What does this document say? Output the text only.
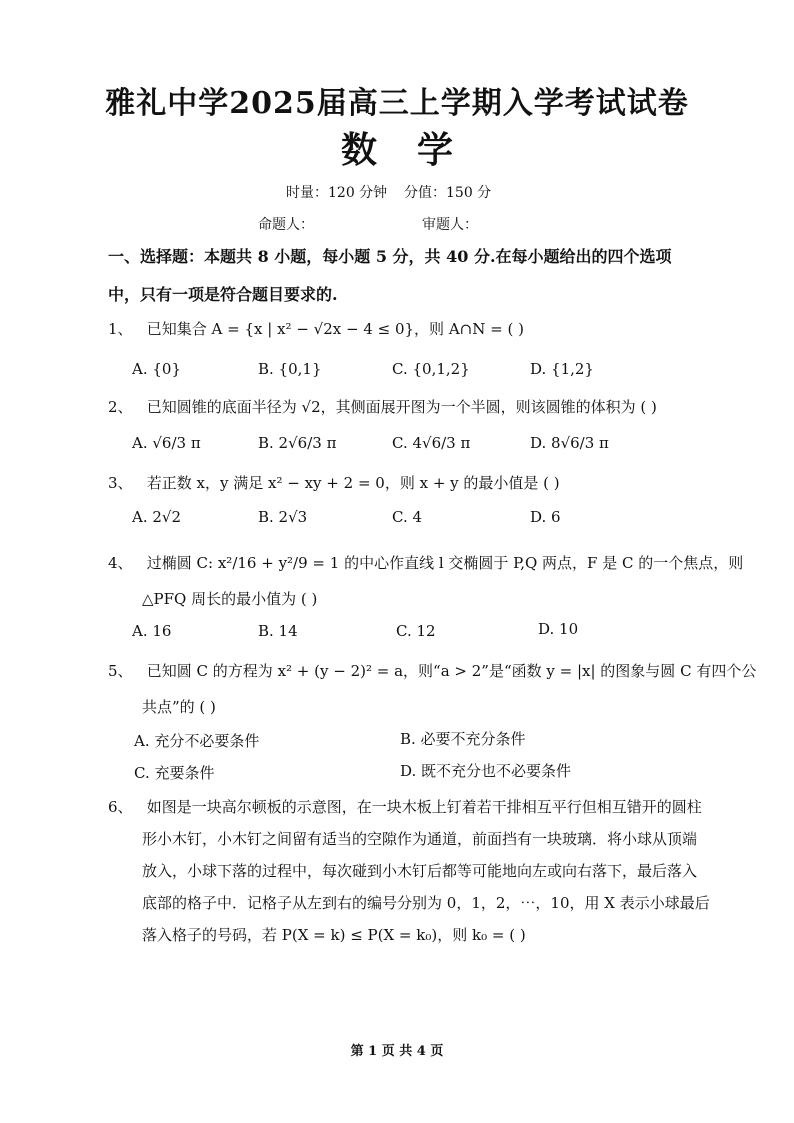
雅礼中学2025届高三上学期入学考试试卷
数学
时量：120 分钟 分值：150 分
命题人：	审题人：
一、选择题：本题共 8 小题，每小题 5 分，共 40 分.在每小题给出的四个选项中，只有一项是符合题目要求的.
1、 已知集合 A = {x | x² − √2x − 4 ≤ 0}，则 A∩N = ( )
A. {0}	B. {0,1}	C. {0,1,2}	D. {1,2}
2、 已知圆锥的底面半径为 √2，其侧面展开图为一个半圆，则该圆锥的体积为 ( )
A. √6/3 π	B. 2√6/3 π	C. 4√6/3 π	D. 8√6/3 π
3、 若正数 x，y 满足 x² − xy + 2 = 0，则 x + y 的最小值是 ( )
A. 2√2	B. 2√3	C. 4	D. 6
4、 过椭圆 C: x²/16 + y²/9 = 1 的中心作直线 l 交椭圆于 P,Q 两点，F 是 C 的一个焦点，则
△PFQ 周长的最小值为 ( )
A. 16	B. 14	C. 12	D. 10
5、 已知圆 C 的方程为 x² + (y − 2)² = a，则“a > 2”是“函数 y = |x| 的图象与圆 C 有四个公
共点”的 ( )
A. 充分不必要条件	B. 必要不充分条件
C. 充要条件	D. 既不充分也不必要条件
6、 如图是一块高尔顿板的示意图，在一块木板上钉着若干排相互平行但相互错开的圆柱
形小木钉，小木钉之间留有适当的空隙作为通道，前面挡有一块玻璃．将小球从顶端
放入，小球下落的过程中，每次碰到小木钉后都等可能地向左或向右落下，最后落入
底部的格子中．记格子从左到右的编号分别为 0，1，2，⋯，10，用 X 表示小球最后
落入格子的号码，若 P(X = k) ≤ P(X = k₀)，则 k₀ = ( )
第 1 页 共 4 页
